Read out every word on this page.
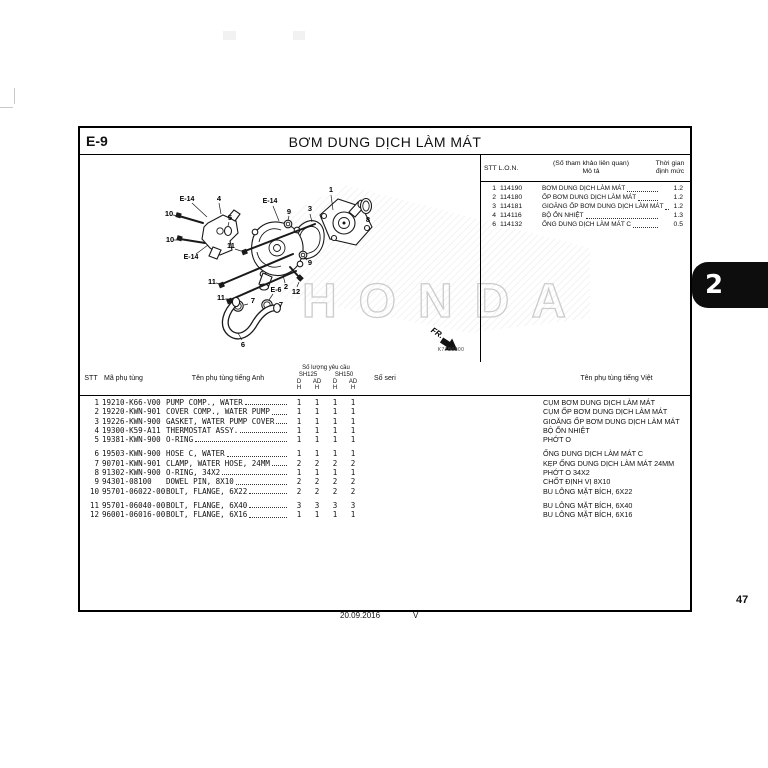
E-9	BƠM DUNG DỊCH LÀM MÁT
HONDA
1
8
3
9
9
2
12
11
11
11	7	7
6
10
10
4
5
E-14
E-14
E-14
E-6
FR.
K77B0900
STT L.O.N.
(Số tham khảo liên quan)
Mô tả
Thời gian
định mức
1 114190	BƠM DUNG DỊCH LÀM MÁT	1.2
2 114180	ỐP BƠM DUNG DỊCH LÀM MÁT	1.2
3 114181	GIOĂNG ỐP BƠM DUNG DỊCH LÀM MÁT	1.2
4 114116	BỘ ỔN NHIỆT	1.3
6 114132	ỐNG DUNG DỊCH LÀM MÁT C	0.5
STT Mã phụ tùng	Tên phụ tùng tiếng Anh
Số lượng yêu cầu
SH125	SH150
D	AD	D	AD
H	H	H	H
Số seri	Tên phụ tùng tiếng Việt
1 19210-K66-V00 PUMP COMP., WATER	1	1	1	1	CỤM BƠM DUNG DỊCH LÀM MÁT
2 19220-KWN-901 COVER COMP., WATER PUMP	1	1	1	1	CỤM ỐP BƠM DUNG DỊCH LÀM MÁT
3 19226-KWN-900 GASKET, WATER PUMP COVER	1	1	1	1	GIOĂNG ỐP BƠM DUNG DỊCH LÀM MÁT
4 19300-K59-A11 THERMOSTAT ASSY.	1	1	1	1	BỘ ỔN NHIỆT
5 19381-KWN-900 O-RING	1	1	1	1	PHỚT O
6 19503-KWN-900 HOSE C, WATER	1	1	1	1	ỐNG DUNG DỊCH LÀM MÁT C
7 90701-KWN-901 CLAMP, WATER HOSE, 24MM	2	2	2	2	KẸP ỐNG DUNG DỊCH LÀM MÁT 24MM
8 91302-KWN-900 O-RING, 34X2	1	1	1	1	PHỚT O 34X2
9 94301-08100	DOWEL PIN, 8X10	2	2	2	2	CHỐT ĐỊNH VỊ 8X10
10 95701-06022-00 BOLT, FLANGE, 6X22	2	2	2	2	BU LÔNG MẶT BÍCH, 6X22
11 95701-06040-00 BOLT, FLANGE, 6X40	3	3	3	3	BU LÔNG MẶT BÍCH, 6X40
12 96001-06016-00 BOLT, FLANGE, 6X16	1	1	1	1	BU LÔNG MẶT BÍCH, 6X16
20.09.2016	V
47
2
